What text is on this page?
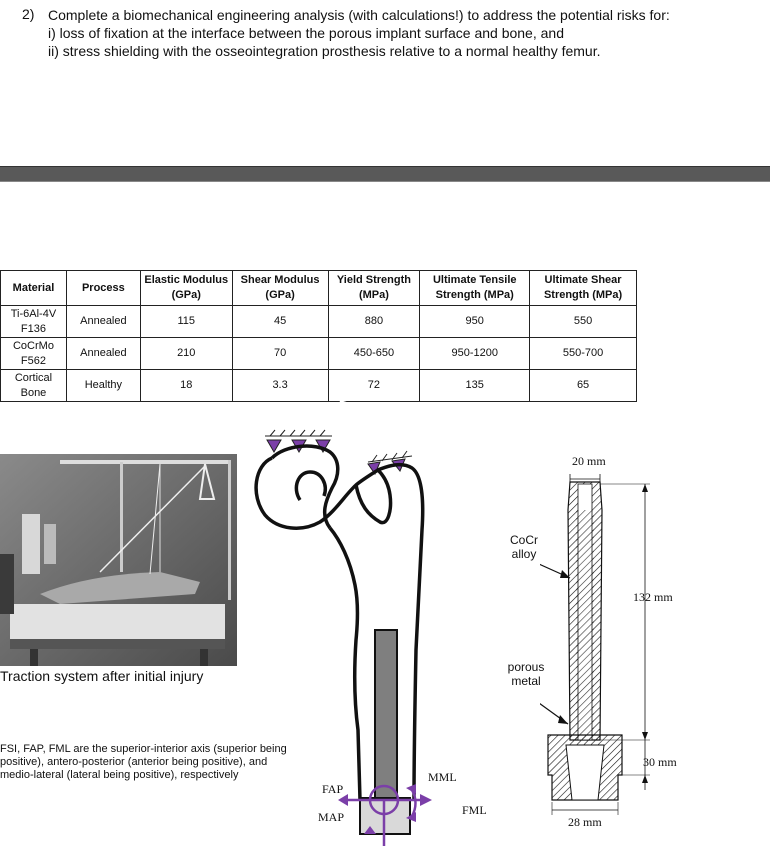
2) Complete a biomechanical engineering analysis (with calculations!) to address the potential risks for:
i) loss of fixation at the interface between the porous implant surface and bone, and
ii) stress shielding with the osseointegration prosthesis relative to a normal healthy femur.
Material	Process	Elastic Modulus (GPa)	Shear Modulus (GPa)	Yield Strength (MPa)	Ultimate Tensile Strength (MPa)	Ultimate Shear Strength (MPa)
Ti-6Al-4V F136	Annealed	115	45	880	950	550
CoCrMo F562	Annealed	210	70	450-650	950-1200	550-700
Cortical Bone	Healthy	18	3.3	72	135	65
Traction system after initial injury
FSI, FAP, FML are the superior-interior axis (superior being positive), antero-posterior (anterior being positive), and medio-lateral (lateral being positive), respectively
FAP
MAP
MML
FML
20 mm
132 mm
30 mm
28 mm
CoCr alloy
porous metal
